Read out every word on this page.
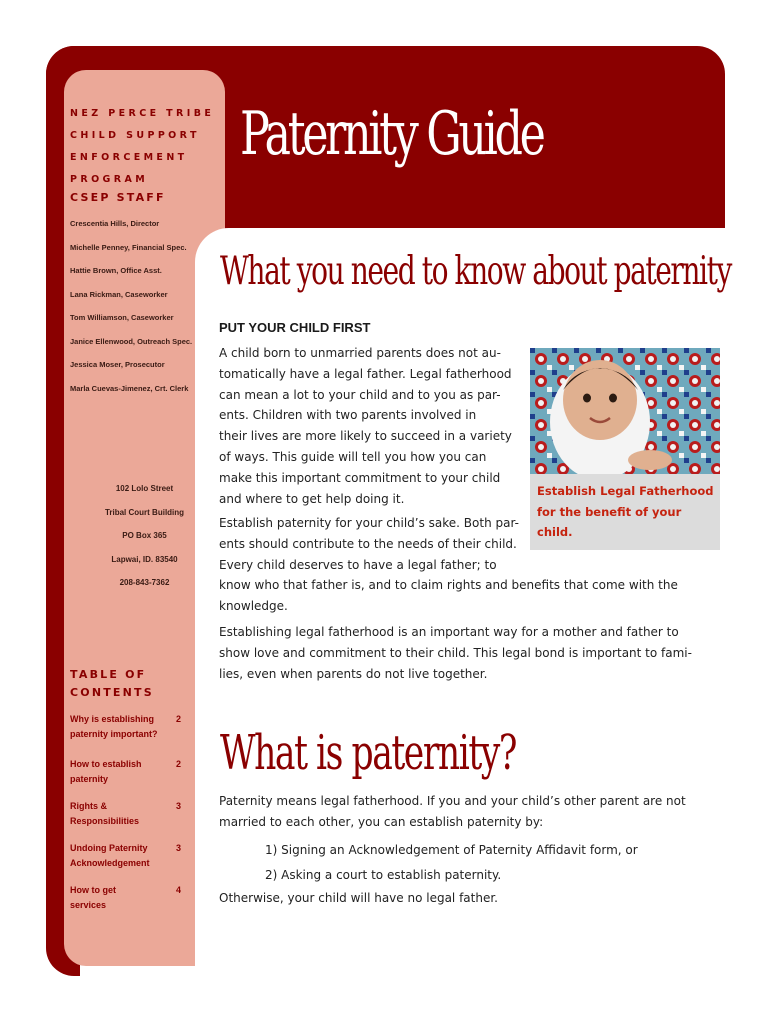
NEZ PERCE TRIBE
CHILD SUPPORT
ENFORCEMENT PROGRAM
CSEP STAFF
Crescentia Hills, Director
Michelle Penney, Financial Spec.
Hattie Brown, Office Asst.
Lana Rickman, Caseworker
Tom Williamson, Caseworker
Janice Ellenwood, Outreach Spec.
Jessica Moser, Prosecutor
Marla Cuevas-Jimenez, Crt. Clerk
102 Lolo Street
Tribal Court Building
PO Box 365
Lapwai, ID. 83540
208-843-7362
TABLE OF
CONTENTS
Why is establishing paternity important?
2
How to establish paternity
2
Rights & Responsibilities
3
Undoing Paternity Acknowledgement
3
How to get services
4
Paternity Guide
What you need to know about paternity
PUT YOUR CHILD FIRST
A child born to unmarried parents does not au-
tomatically have a legal father. Legal fatherhood
can mean a lot to your child and to you as par-
ents. Children with two parents involved in
their lives are more likely to succeed in a variety
of ways. This guide will tell you how you can
make this important commitment to your child
and where to get help doing it.
Establish paternity for your child’s sake. Both par-
ents should contribute to the needs of their child.
Every child deserves to have a legal father; to
know who that father is, and to claim rights and benefits that come with the
knowledge.
Establishing legal fatherhood is an important way for a mother and father to
show love and commitment to their child. This legal bond is important to fami-
lies, even when parents do not live together.
Establish Legal Fatherhood
for the benefit of your
child.
What is paternity?
Paternity means legal fatherhood. If you and your child’s other parent are not
married to each other, you can establish paternity by:
1) Signing an Acknowledgement of Paternity Affidavit form, or
2) Asking a court to establish paternity.
Otherwise, your child will have no legal father.
